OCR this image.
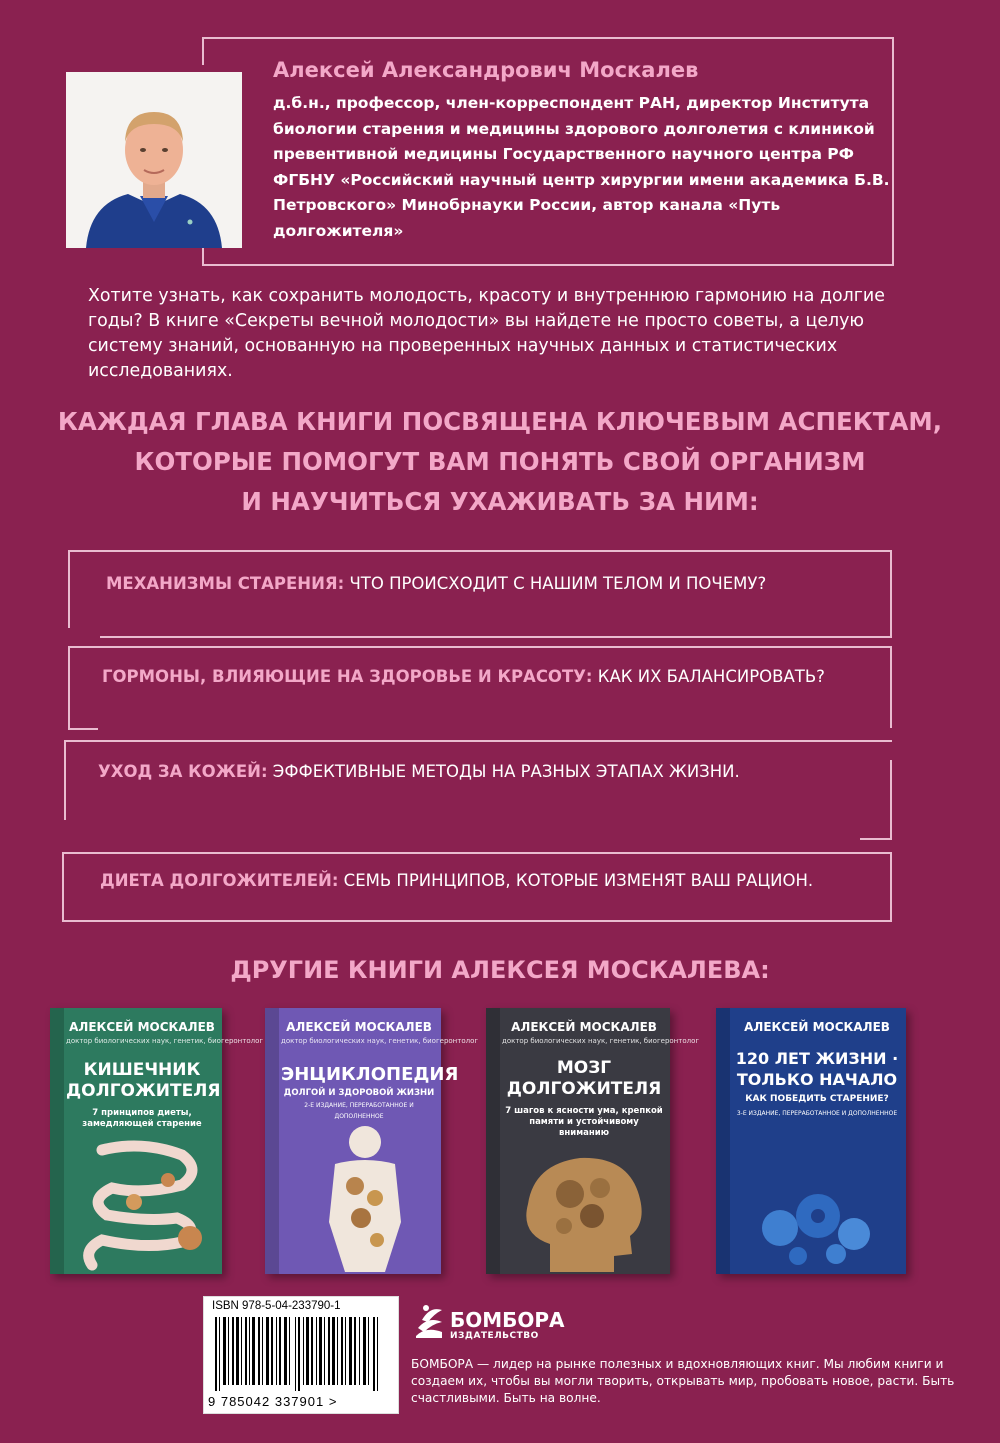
Алексей Александрович Москалев
д.б.н., профессор, член-корреспондент РАН, директор Института биологии старения и медицины здорового долголетия с клиникой превентивной медицины Государственного научного центра РФ ФГБНУ «Российский научный центр хирургии имени академика Б.В. Петровского» Минобрнауки России, автор канала «Путь долгожителя»
Хотите узнать, как сохранить молодость, красоту и внутреннюю гармонию на долгие годы? В книге «Секреты вечной молодости» вы найдете не просто советы, а целую систему знаний, основанную на проверенных научных данных и статистических исследованиях.
КАЖДАЯ ГЛАВА КНИГИ ПОСВЯЩЕНА КЛЮЧЕВЫМ АСПЕКТАМ,
КОТОРЫЕ ПОМОГУТ ВАМ ПОНЯТЬ СВОЙ ОРГАНИЗМ
И НАУЧИТЬСЯ УХАЖИВАТЬ ЗА НИМ:
МЕХАНИЗМЫ СТАРЕНИЯ: ЧТО ПРОИСХОДИТ С НАШИМ ТЕЛОМ И ПОЧЕМУ?
ГОРМОНЫ, ВЛИЯЮЩИЕ НА ЗДОРОВЬЕ И КРАСОТУ: КАК ИХ БАЛАНСИРОВАТЬ?
УХОД ЗА КОЖЕЙ: ЭФФЕКТИВНЫЕ МЕТОДЫ НА РАЗНЫХ ЭТАПАХ ЖИЗНИ.
ДИЕТА ДОЛГОЖИТЕЛЕЙ: СЕМЬ ПРИНЦИПОВ, КОТОРЫЕ ИЗМЕНЯТ ВАШ РАЦИОН.
ДРУГИЕ КНИГИ АЛЕКСЕЯ МОСКАЛЕВА:
АЛЕКСЕЙ МОСКАЛЕВ
доктор биологических наук, генетик, биогеронтолог
КИШЕЧНИК ДОЛГОЖИТЕЛЯ
7 принципов диеты, замедляющей старение
АЛЕКСЕЙ МОСКАЛЕВ
доктор биологических наук, генетик, биогеронтолог
ЭНЦИКЛОПЕДИЯ
ДОЛГОЙ И ЗДОРОВОЙ ЖИЗНИ
2-Е ИЗДАНИЕ, ПЕРЕРАБОТАННОЕ И ДОПОЛНЕННОЕ
АЛЕКСЕЙ МОСКАЛЕВ
доктор биологических наук, генетик, биогеронтолог
МОЗГ ДОЛГОЖИТЕЛЯ
7 шагов к ясности ума, крепкой памяти и устойчивому вниманию
АЛЕКСЕЙ МОСКАЛЕВ
120 ЛЕТ ЖИЗНИ · ТОЛЬКО НАЧАЛО
КАК ПОБЕДИТЬ СТАРЕНИЕ?
3-Е ИЗДАНИЕ, ПЕРЕРАБОТАННОЕ И ДОПОЛНЕННОЕ
ISBN 978-5-04-233790-1
9 785042 337901 >
БОМБОРА
ИЗДАТЕЛЬСТВО
БОМБОРА — лидер на рынке полезных и вдохновляющих книг. Мы любим книги и создаем их, чтобы вы могли творить, открывать мир, пробовать новое, расти. Быть счастливыми. Быть на волне.
